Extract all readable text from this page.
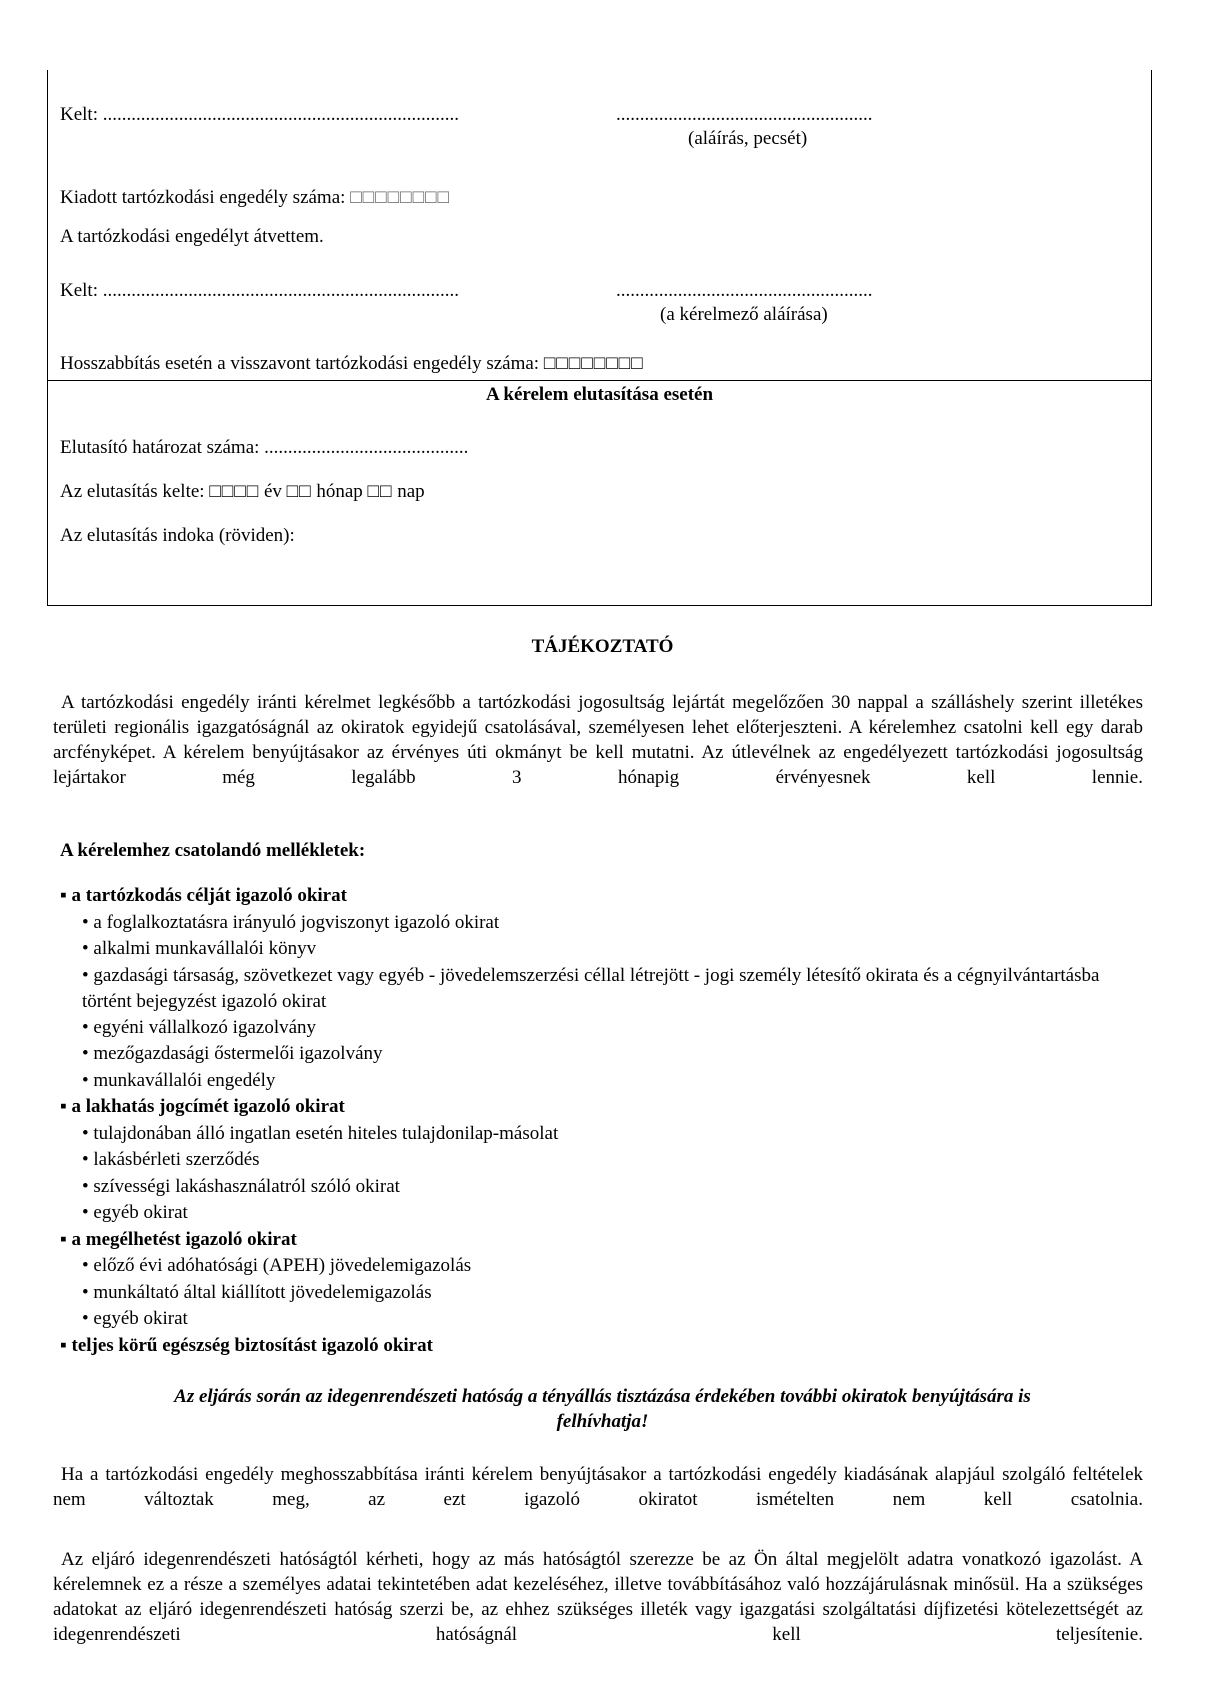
Kelt: ...........................................................................	......................................................
(aláírás, pecsét)
Kiadott tartózkodási engedély száma: □□□□□□□□
A tartózkodási engedélyt átvettem.
Kelt: ...........................................................................	......................................................
(a kérelmező aláírása)
Hosszabbítás esetén a visszavont tartózkodási engedély száma: □□□□□□□□
A kérelem elutasítása esetén
Elutasító határozat száma: ...........................................
Az elutasítás kelte: □□□□ év □□ hónap □□ nap
Az elutasítás indoka (röviden):
TÁJÉKOZTATÓ

A tartózkodási engedély iránti kérelmet legkésőbb a tartózkodási jogosultság lejártát megelőzően 30 nappal a szálláshely szerint illetékes területi regionális igazgatóságnál az okiratok egyidejű csatolásával, személyesen lehet előterjeszteni. A kérelemhez csatolni kell egy darab arcfényképet. A kérelem benyújtásakor az érvényes úti okmányt be kell mutatni. Az útlevélnek az engedélyezett tartózkodási jogosultság lejártakor még legalább 3 hónapig érvényesnek kell lennie.

A kérelemhez csatolandó mellékletek:
▪ a tartózkodás célját igazoló okirat
• a foglalkoztatásra irányuló jogviszonyt igazoló okirat
• alkalmi munkavállalói könyv
• gazdasági társaság, szövetkezet vagy egyéb - jövedelemszerzési céllal létrejött - jogi személy létesítő okirata és a cégnyilvántartásba történt bejegyzést igazoló okirat
• egyéni vállalkozó igazolvány
• mezőgazdasági őstermelői igazolvány
• munkavállalói engedély
▪ a lakhatás jogcímét igazoló okirat
• tulajdonában álló ingatlan esetén hiteles tulajdonilap-másolat
• lakásbérleti szerződés
• szívességi lakáshasználatról szóló okirat
• egyéb okirat
▪ a megélhetést igazoló okirat
• előző évi adóhatósági (APEH) jövedelemigazolás
• munkáltató által kiállított jövedelemigazolás
• egyéb okirat
▪ teljes körű egészség biztosítást igazoló okirat
Az eljárás során az idegenrendészeti hatóság a tényállás tisztázása érdekében további okiratok benyújtására is
felhívhatja!

Ha a tartózkodási engedély meghosszabbítása iránti kérelem benyújtásakor a tartózkodási engedély kiadásának alapjául szolgáló feltételek nem változtak meg, az ezt igazoló okiratot ismételten nem kell csatolnia.

Az eljáró idegenrendészeti hatóságtól kérheti, hogy az más hatóságtól szerezze be az Ön által megjelölt adatra vonatkozó igazolást. A kérelemnek ez a része a személyes adatai tekintetében adat kezeléséhez, illetve továbbításához való hozzájárulásnak minősül. Ha a szükséges adatokat az eljáró idegenrendészeti hatóság szerzi be, az ehhez szükséges illeték vagy igazgatási szolgáltatási díjfizetési kötelezettségét az idegenrendészeti hatóságnál kell teljesítenie.
